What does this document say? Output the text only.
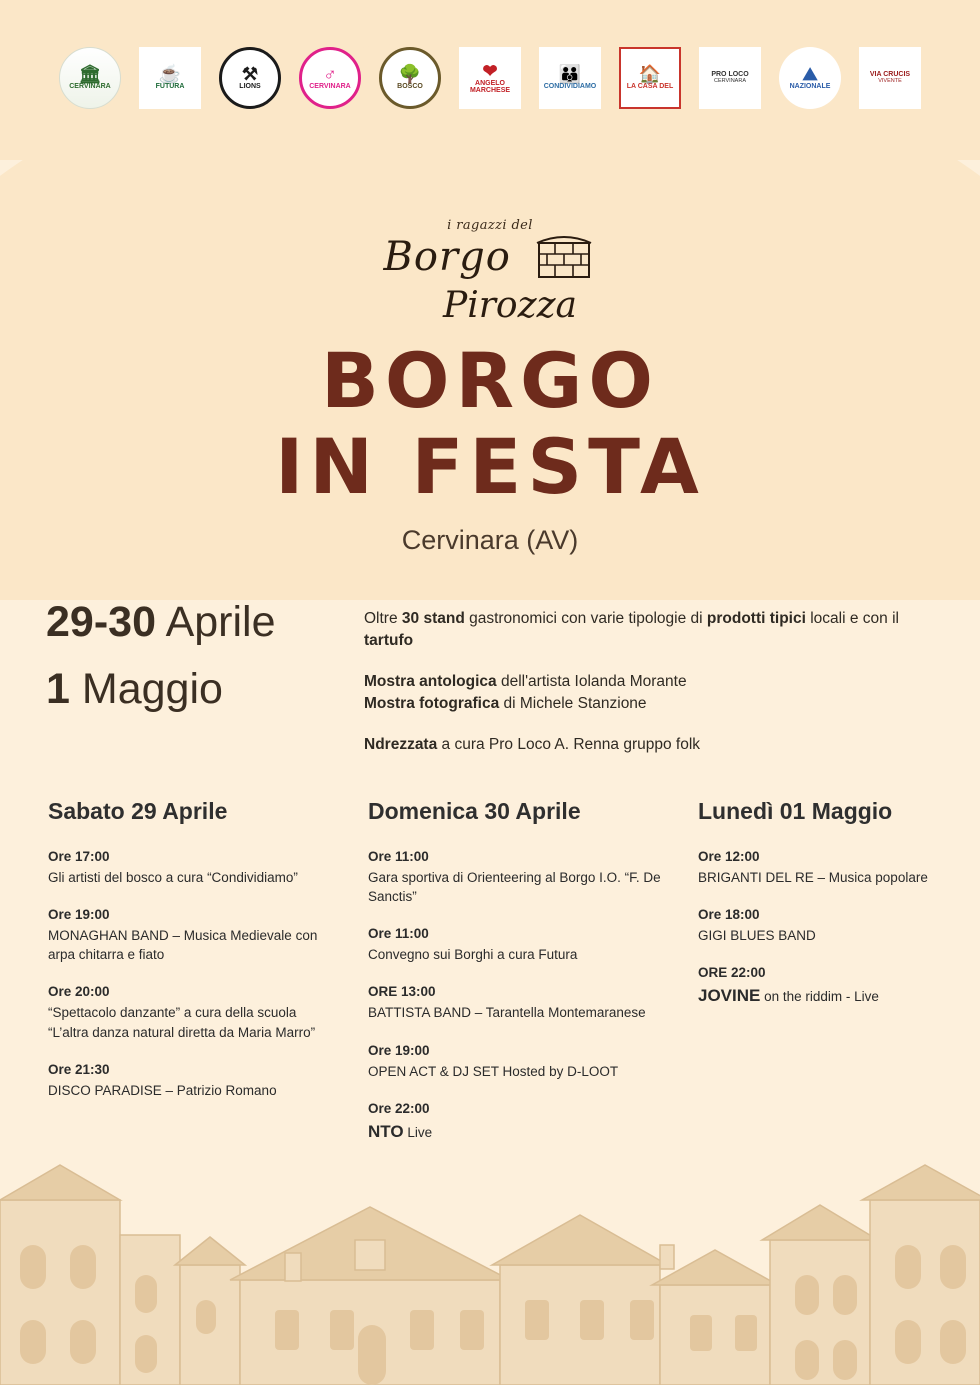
🏛
CERVINARA
☕
FUTURA
⚒
LIONS
♂
CERVINARA
🌳
BOSCO
❤
ANGELO MARCHESE
👪
CONDIVIDIAMO
🏠
LA CASA DEL
PRO LOCO
CERVINARA	⛰
NAZIONALE
VIA CRUCIS
VIVENTE
i ragazzi del
Borgo
Pirozza
BORGO
IN FESTA
Cervinara (AV)
29-30 Aprile
1 Maggio

Oltre 30 stand gastronomici con varie tipologie di prodotti tipici locali e con il tartufo

Mostra antologica dell'artista Iolanda Morante
Mostra fotografica di Michele Stanzione

Ndrezzata a cura Pro Loco A. Renna gruppo folk

Sabato 29 Aprile
Ore 17:00
Gli artisti del bosco a cura “Condividiamo”
Ore 19:00
MONAGHAN BAND – Musica Medievale con arpa chitarra e fiato
Ore 20:00
“Spettacolo danzante” a cura della scuola “L’altra danza natural diretta da Maria Marro”
Ore 21:30
DISCO PARADISE – Patrizio Romano
Domenica 30 Aprile
Ore 11:00
Gara sportiva di Orienteering al Borgo I.O. “F. De Sanctis”
Ore 11:00
Convegno sui Borghi a cura Futura
ORE 13:00
BATTISTA BAND – Tarantella Montemaranese
Ore 19:00
OPEN ACT & DJ SET Hosted by D-LOOT
Ore 22:00
NTO Live
Lunedì 01 Maggio
Ore 12:00
BRIGANTI DEL RE – Musica popolare
Ore 18:00
GIGI BLUES BAND
ORE 22:00
JOVINE on the riddim - Live
